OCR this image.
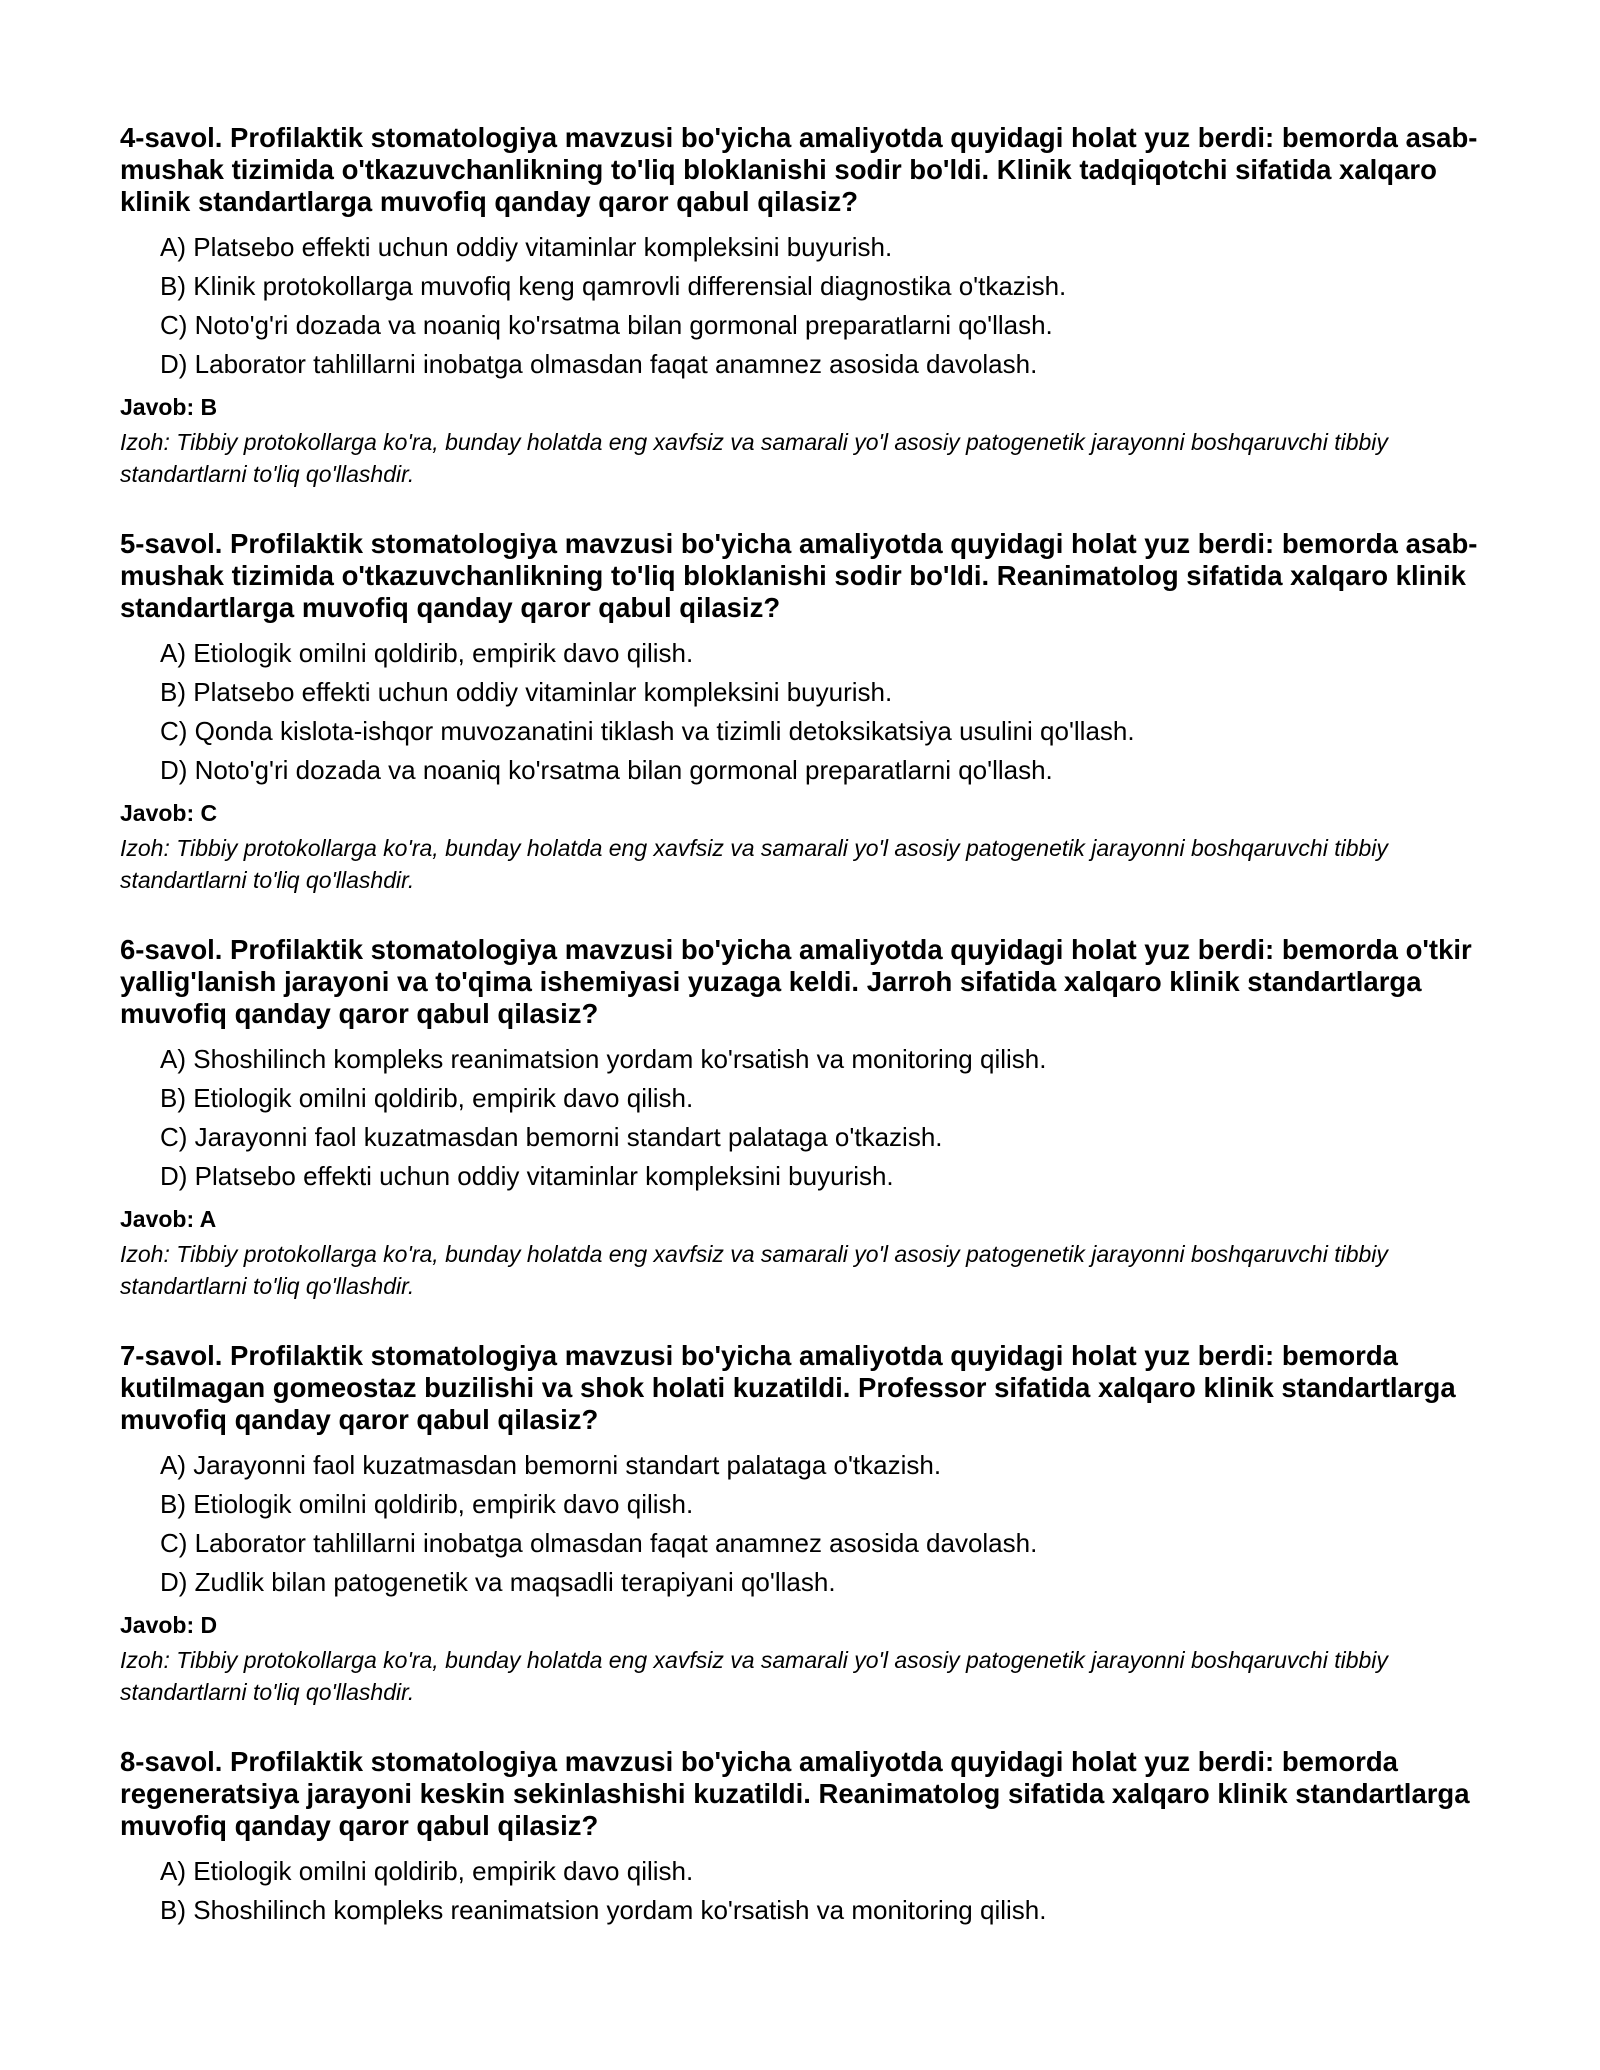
4-savol. Profilaktik stomatologiya mavzusi bo'yicha amaliyotda quyidagi holat yuz berdi: bemorda asab-mushak tizimida o'tkazuvchanlikning to'liq bloklanishi sodir bo'ldi. Klinik tadqiqotchi sifatida xalqaro klinik standartlarga muvofiq qanday qaror qabul qilasiz?

A) Platsebo effekti uchun oddiy vitaminlar kompleksini buyurish.
B) Klinik protokollarga muvofiq keng qamrovli differensial diagnostika o'tkazish.
C) Noto'g'ri dozada va noaniq ko'rsatma bilan gormonal preparatlarni qo'llash.
D) Laborator tahlillarni inobatga olmasdan faqat anamnez asosida davolash.

Javob: B

Izoh: Tibbiy protokollarga ko'ra, bunday holatda eng xavfsiz va samarali yo'l asosiy patogenetik jarayonni boshqaruvchi tibbiy standartlarni to'liq qo'llashdir.

5-savol. Profilaktik stomatologiya mavzusi bo'yicha amaliyotda quyidagi holat yuz berdi: bemorda asab-mushak tizimida o'tkazuvchanlikning to'liq bloklanishi sodir bo'ldi. Reanimatolog sifatida xalqaro klinik standartlarga muvofiq qanday qaror qabul qilasiz?

A) Etiologik omilni qoldirib, empirik davo qilish.
B) Platsebo effekti uchun oddiy vitaminlar kompleksini buyurish.
C) Qonda kislota-ishqor muvozanatini tiklash va tizimli detoksikatsiya usulini qo'llash.
D) Noto'g'ri dozada va noaniq ko'rsatma bilan gormonal preparatlarni qo'llash.

Javob: C

Izoh: Tibbiy protokollarga ko'ra, bunday holatda eng xavfsiz va samarali yo'l asosiy patogenetik jarayonni boshqaruvchi tibbiy standartlarni to'liq qo'llashdir.

6-savol. Profilaktik stomatologiya mavzusi bo'yicha amaliyotda quyidagi holat yuz berdi: bemorda o'tkir yallig'lanish jarayoni va to'qima ishemiyasi yuzaga keldi. Jarroh sifatida xalqaro klinik standartlarga muvofiq qanday qaror qabul qilasiz?

A) Shoshilinch kompleks reanimatsion yordam ko'rsatish va monitoring qilish.
B) Etiologik omilni qoldirib, empirik davo qilish.
C) Jarayonni faol kuzatmasdan bemorni standart palataga o'tkazish.
D) Platsebo effekti uchun oddiy vitaminlar kompleksini buyurish.

Javob: A

Izoh: Tibbiy protokollarga ko'ra, bunday holatda eng xavfsiz va samarali yo'l asosiy patogenetik jarayonni boshqaruvchi tibbiy standartlarni to'liq qo'llashdir.

7-savol. Profilaktik stomatologiya mavzusi bo'yicha amaliyotda quyidagi holat yuz berdi: bemorda kutilmagan gomeostaz buzilishi va shok holati kuzatildi. Professor sifatida xalqaro klinik standartlarga muvofiq qanday qaror qabul qilasiz?

A) Jarayonni faol kuzatmasdan bemorni standart palataga o'tkazish.
B) Etiologik omilni qoldirib, empirik davo qilish.
C) Laborator tahlillarni inobatga olmasdan faqat anamnez asosida davolash.
D) Zudlik bilan patogenetik va maqsadli terapiyani qo'llash.

Javob: D

Izoh: Tibbiy protokollarga ko'ra, bunday holatda eng xavfsiz va samarali yo'l asosiy patogenetik jarayonni boshqaruvchi tibbiy standartlarni to'liq qo'llashdir.

8-savol. Profilaktik stomatologiya mavzusi bo'yicha amaliyotda quyidagi holat yuz berdi: bemorda regeneratsiya jarayoni keskin sekinlashishi kuzatildi. Reanimatolog sifatida xalqaro klinik standartlarga muvofiq qanday qaror qabul qilasiz?

A) Etiologik omilni qoldirib, empirik davo qilish.
B) Shoshilinch kompleks reanimatsion yordam ko'rsatish va monitoring qilish.
